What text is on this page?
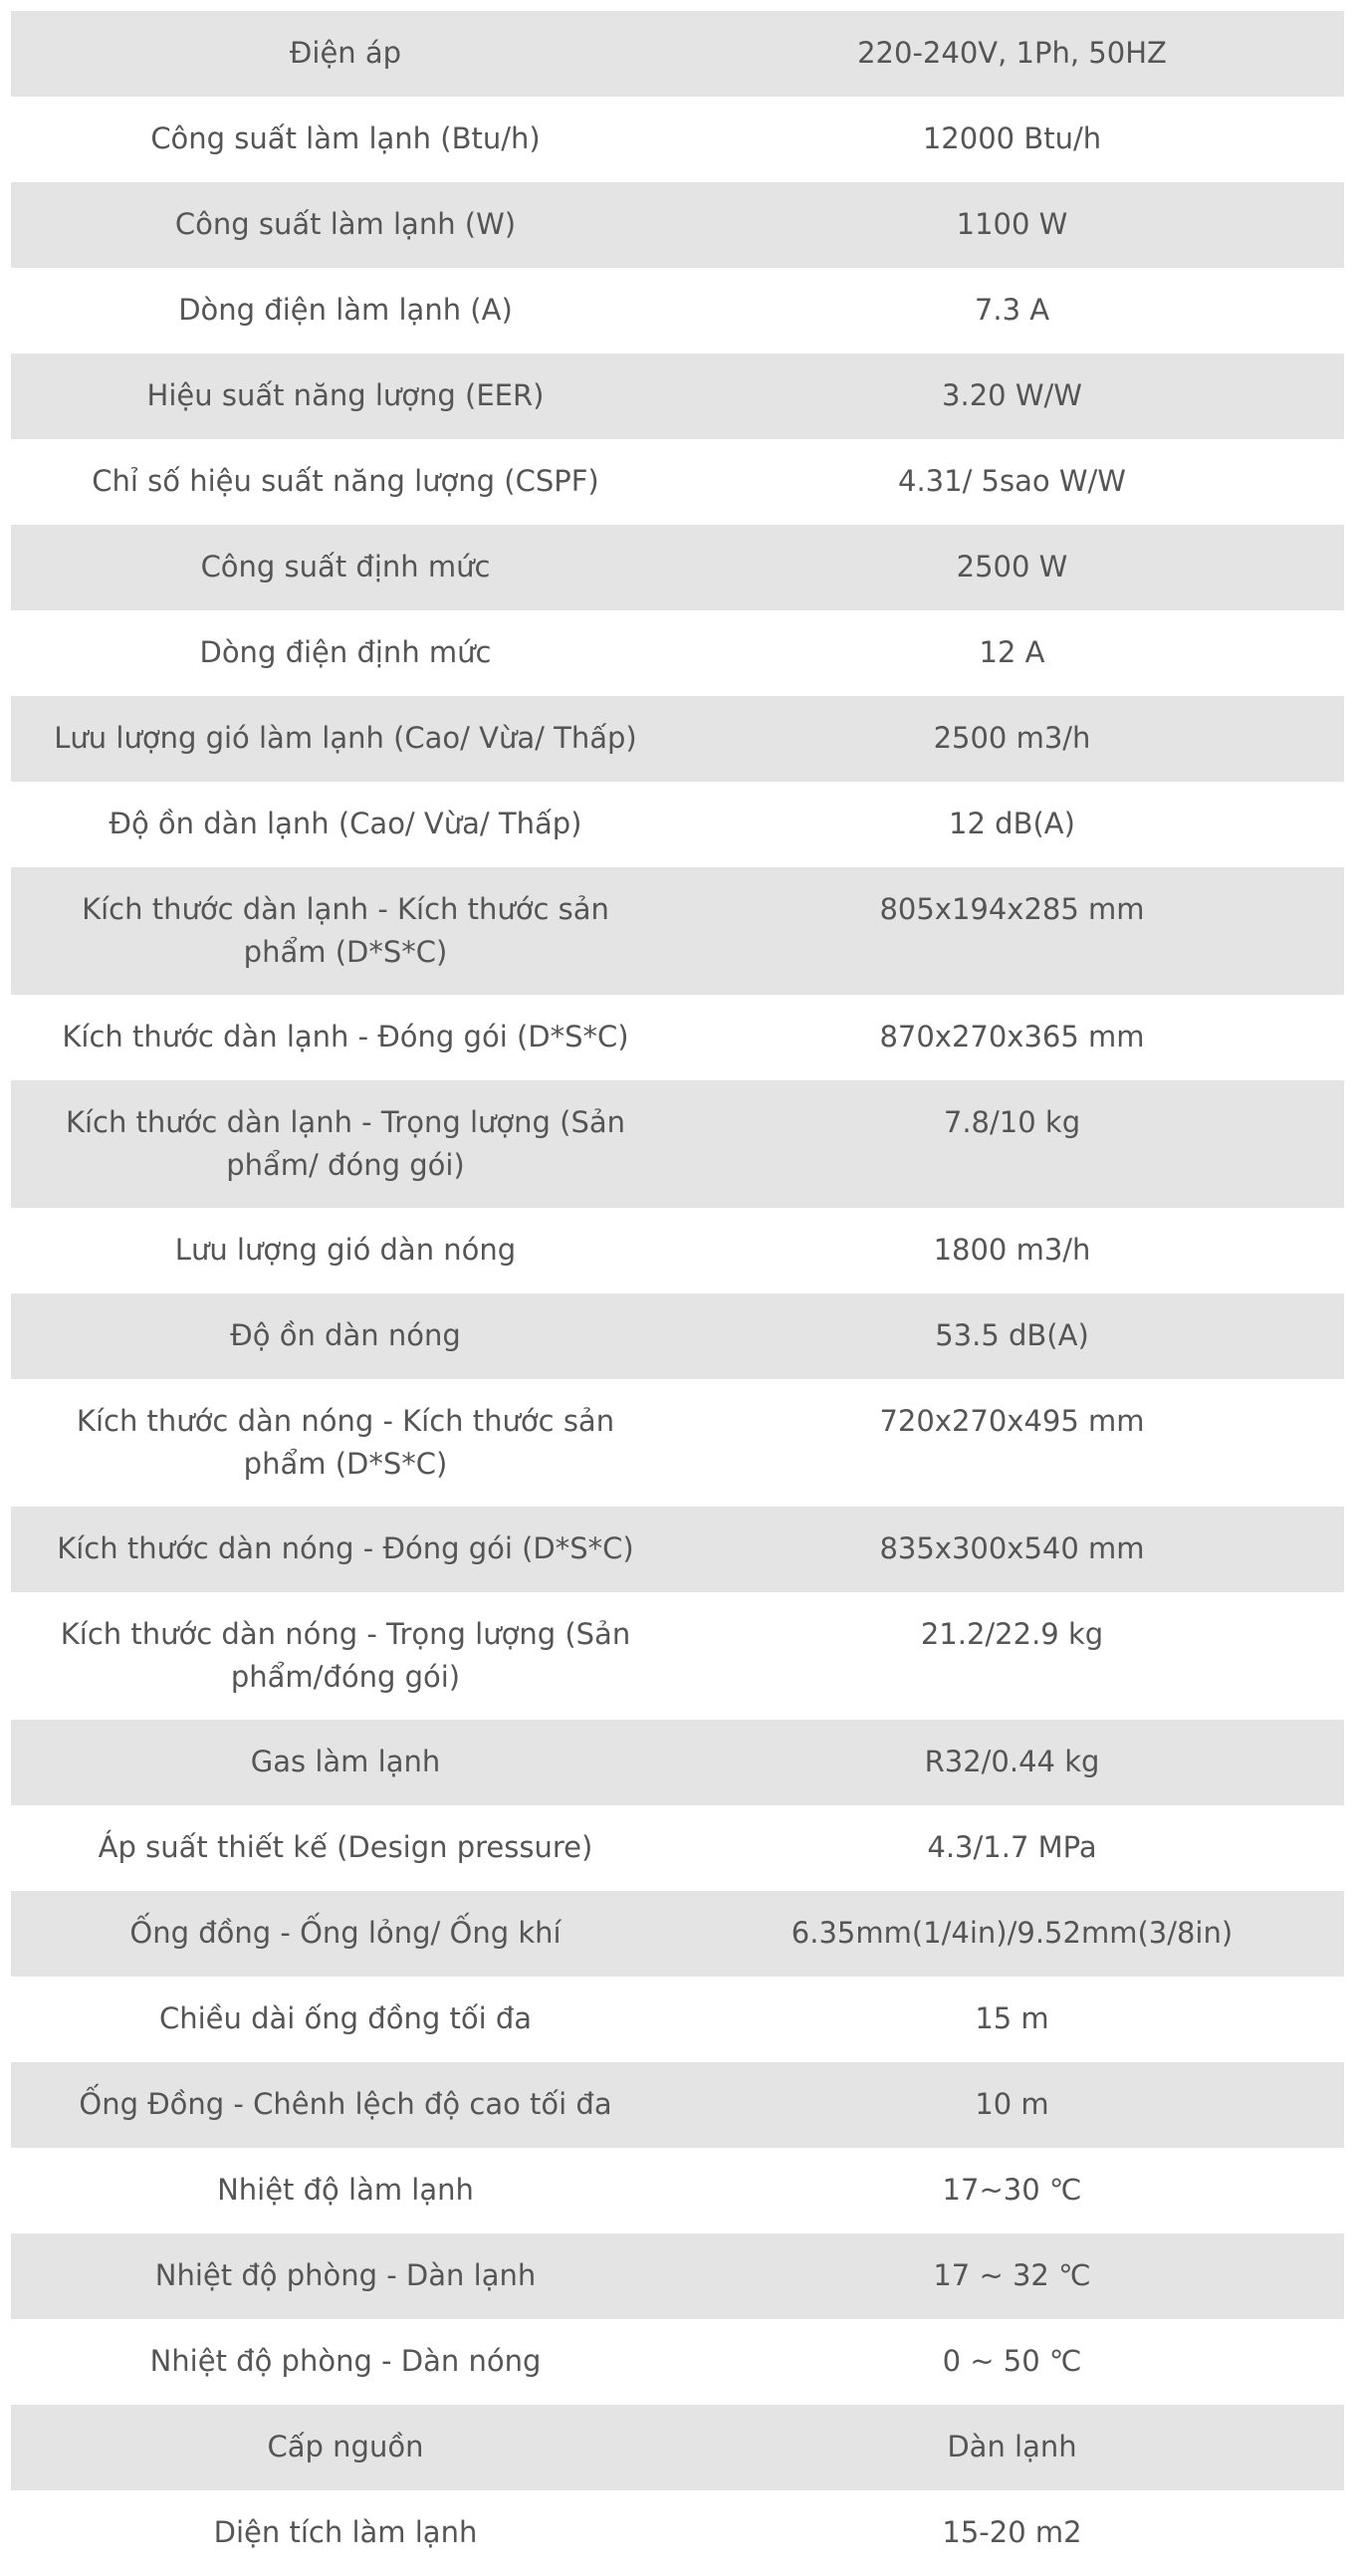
Điện áp	220-240V, 1Ph, 50HZ
Công suất làm lạnh (Btu/h)	12000 Btu/h
Công suất làm lạnh (W)	1100 W
Dòng điện làm lạnh (A)	7.3 A
Hiệu suất năng lượng (EER)	3.20 W/W
Chỉ số hiệu suất năng lượng (CSPF)	4.31/ 5sao W/W
Công suất định mức	2500 W
Dòng điện định mức	12 A
Lưu lượng gió làm lạnh (Cao/ Vừa/ Thấp)	2500 m3/h
Độ ồn dàn lạnh (Cao/ Vừa/ Thấp)	12 dB(A)
Kích thước dàn lạnh - Kích thước sản phẩm (D*S*C)	805x194x285 mm
Kích thước dàn lạnh - Đóng gói (D*S*C)	870x270x365 mm
Kích thước dàn lạnh - Trọng lượng (Sản phẩm/ đóng gói)	7.8/10 kg
Lưu lượng gió dàn nóng	1800 m3/h
Độ ồn dàn nóng	53.5 dB(A)
Kích thước dàn nóng - Kích thước sản phẩm (D*S*C)	720x270x495 mm
Kích thước dàn nóng - Đóng gói (D*S*C)	835x300x540 mm
Kích thước dàn nóng - Trọng lượng (Sản phẩm/đóng gói)	21.2/22.9 kg
Gas làm lạnh	R32/0.44 kg
Áp suất thiết kế (Design pressure)	4.3/1.7 MPa
Ống đồng - Ống lỏng/ Ống khí	6.35mm(1/4in)/9.52mm(3/8in)
Chiều dài ống đồng tối đa	15 m
Ống Đồng - Chênh lệch độ cao tối đa	10 m
Nhiệt độ làm lạnh	17~30 ℃
Nhiệt độ phòng - Dàn lạnh	17 ~ 32 ℃
Nhiệt độ phòng - Dàn nóng	0 ~ 50 ℃
Cấp nguồn	Dàn lạnh
Diện tích làm lạnh	15-20 m2
